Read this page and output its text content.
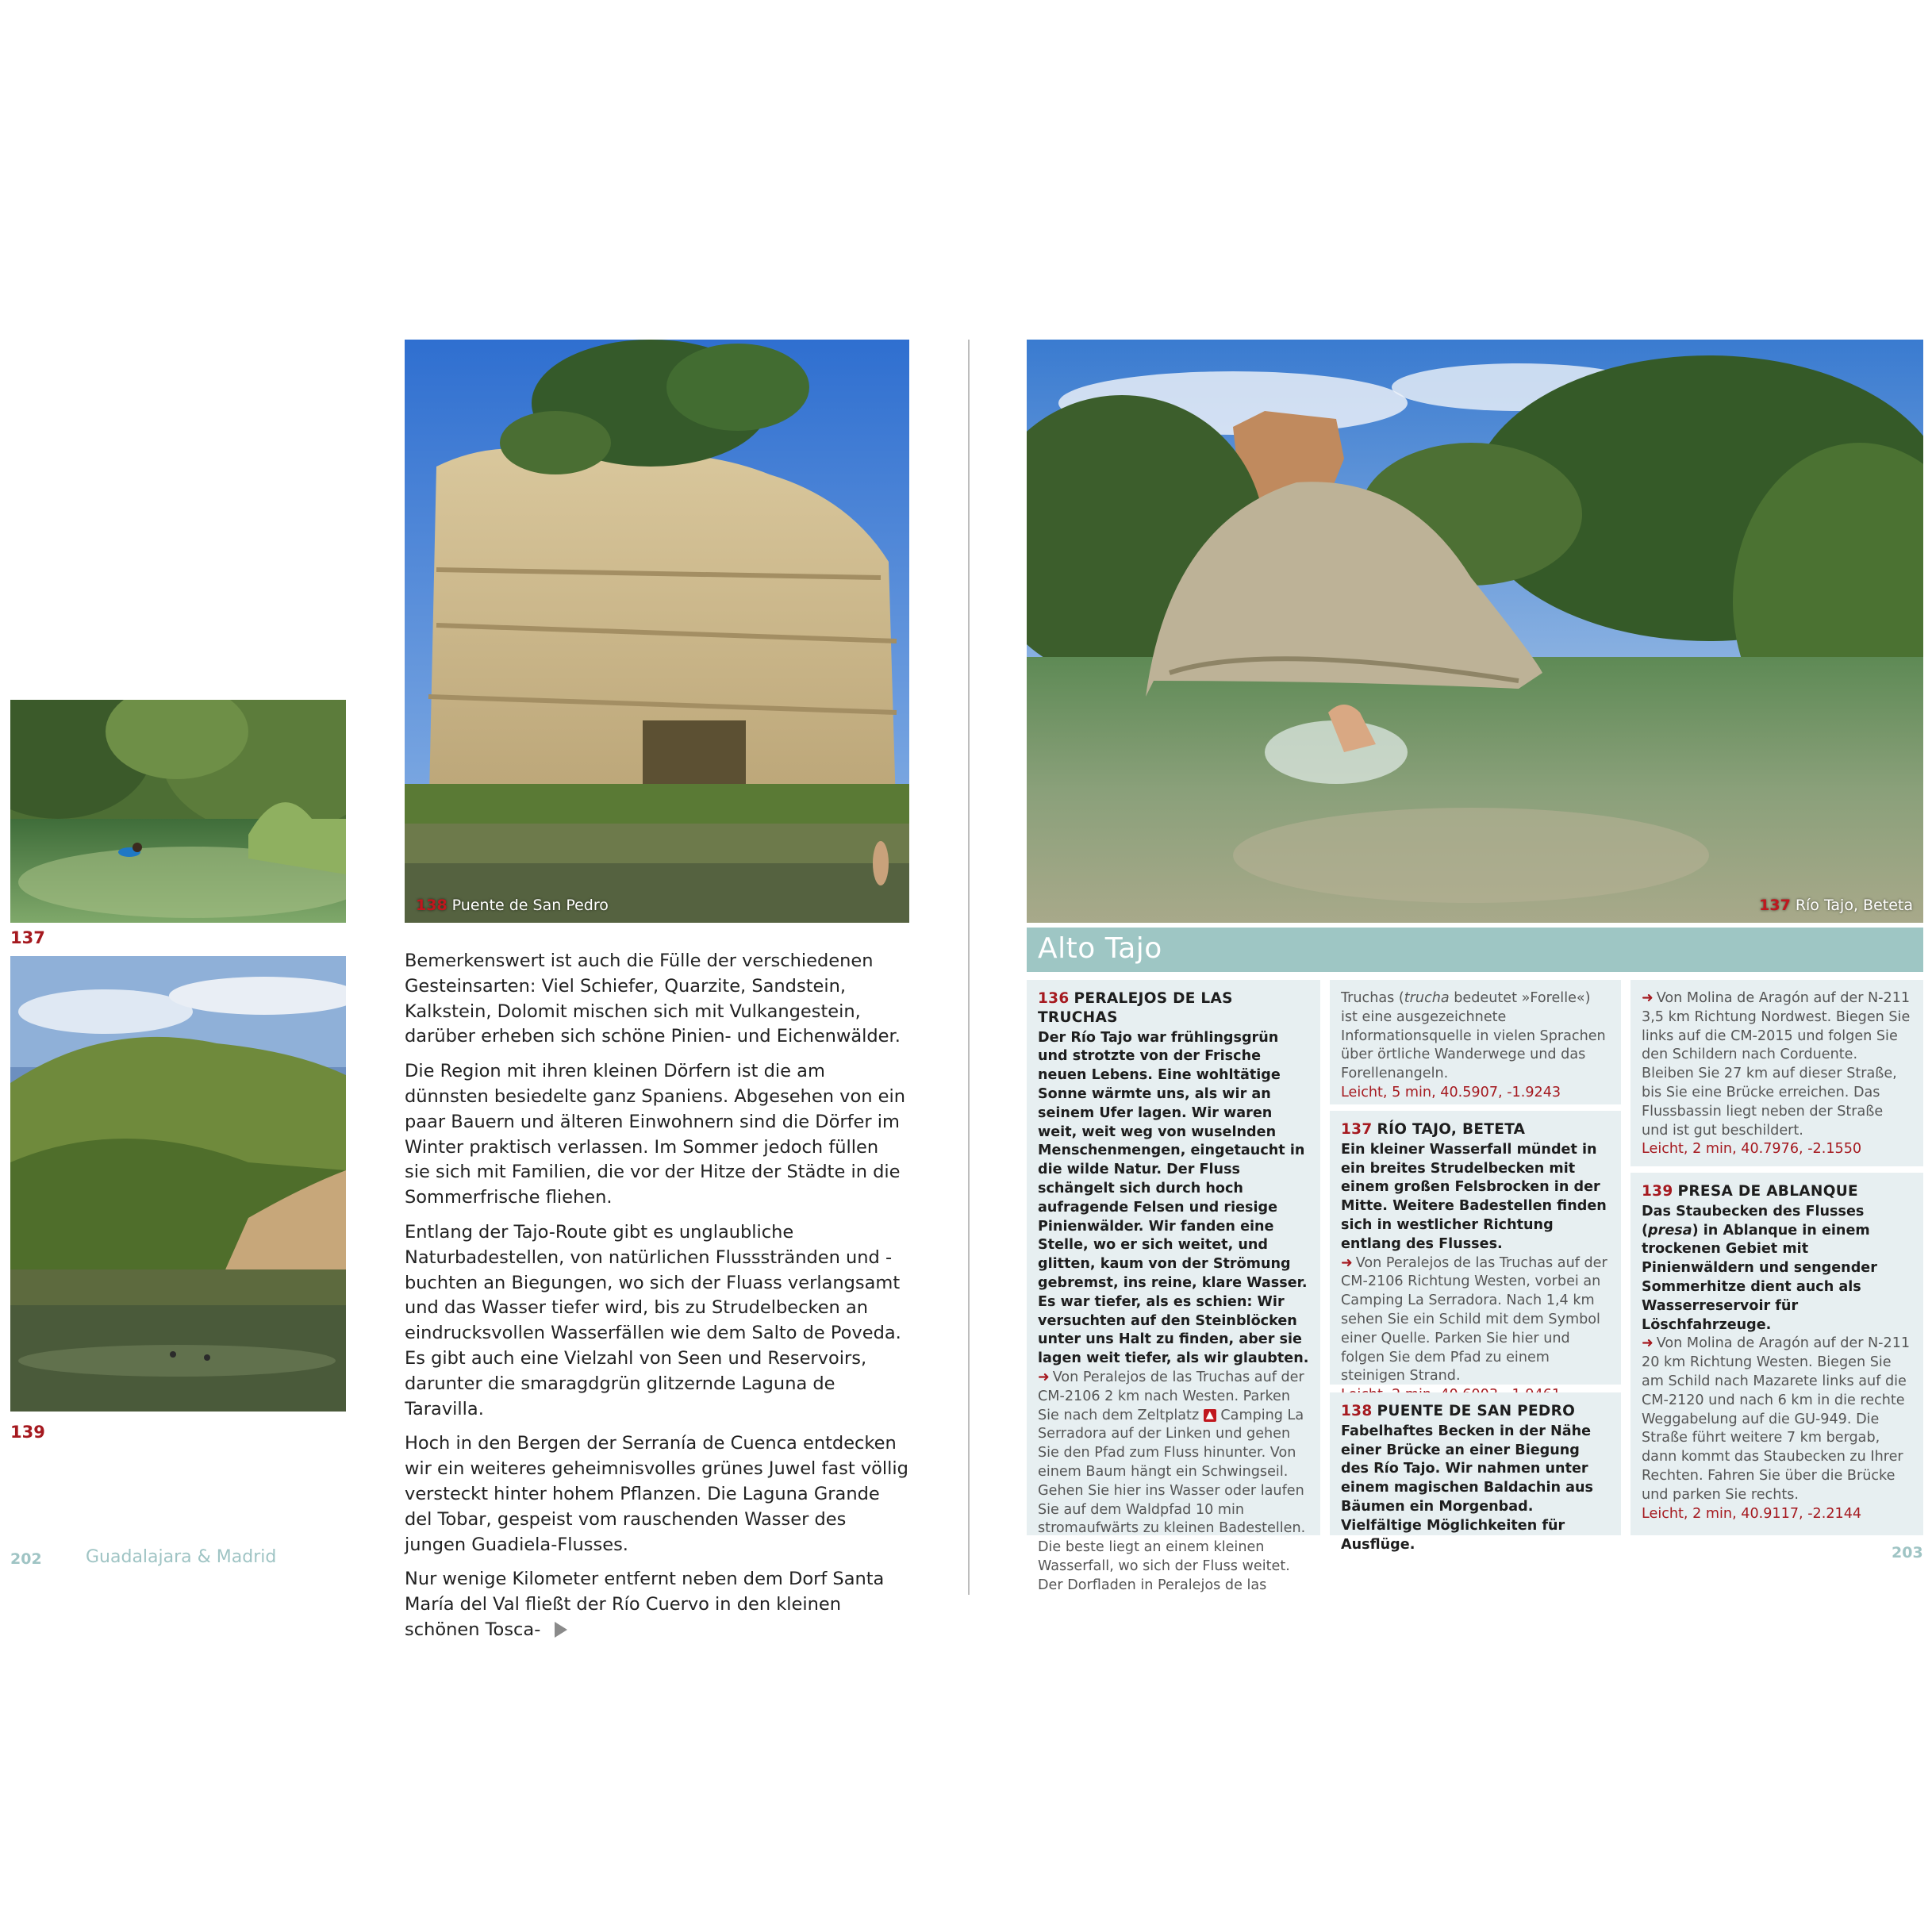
137
139
138 Puente de San Pedro

Bemerkenswert ist auch die Fülle der verschiedenen Gesteinsarten: Viel Schiefer, Quarzite, Sandstein, Kalkstein, Dolomit mischen sich mit Vulkangestein, darüber erheben sich schöne Pinien- und Eichenwälder.

Die Region mit ihren kleinen Dörfern ist die am dünnsten besiedelte ganz Spaniens. Abgesehen von ein paar Bauern und älteren Einwohnern sind die Dörfer im Winter praktisch verlassen. Im Sommer jedoch füllen sie sich mit Familien, die vor der Hitze der Städte in die Sommerfrische fliehen.

Entlang der Tajo-Route gibt es unglaubliche Naturbadestellen, von natürlichen Flussstränden und -buchten an Biegungen, wo sich der Fluass verlangsamt und das Wasser tiefer wird, bis zu Strudelbecken an eindrucksvollen Wasserfällen wie dem Salto de Poveda. Es gibt auch eine Vielzahl von Seen und Reservoirs, darunter die smaragdgrün glitzernde Laguna de Taravilla.

Hoch in den Bergen der Serranía de Cuenca entdecken wir ein weiteres geheimnisvolles grünes Juwel fast völlig versteckt hinter hohem Pflanzen. Die Laguna Grande del Tobar, gespeist vom rauschenden Wasser des jungen Guadiela-Flusses.

Nur wenige Kilometer entfernt neben dem Dorf Santa María del Val fließt der Río Cuervo in den kleinen schönen Tosca-

202	Guadalajara & Madrid
137 Río Tajo, Beteta
Alto Tajo
136 PERALEJOS DE LAS TRUCHAS

Der Río Tajo war frühlingsgrün und strotzte von der Frische neuen Lebens. Eine wohltätige Sonne wärmte uns, als wir an seinem Ufer lagen. Wir waren weit, weit weg von wuselnden Menschenmengen, eingetaucht in die wilde Natur. Der Fluss schängelt sich durch hoch aufragende Felsen und riesige Pinienwälder. Wir fanden eine Stelle, wo er sich weitet, und glitten, kaum von der Strömung gebremst, ins reine, klare Wasser. Es war tiefer, als es schien: Wir versuchten auf den Steinblöcken unter uns Halt zu finden, aber sie lagen weit tiefer, als wir glaubten.

➜ Von Peralejos de las Truchas auf der CM-2106 2 km nach Westen. Parken Sie nach dem Zeltplatz ▲ Camping La Serradora auf der Linken und gehen Sie den Pfad zum Fluss hinunter. Von einem Baum hängt ein Schwingseil. Gehen Sie hier ins Wasser oder laufen Sie auf dem Waldpfad 10 min stromaufwärts zu kleinen Badestellen. Die beste liegt an einem kleinen Wasserfall, wo sich der Fluss weitet. Der Dorfladen in Peralejos de las

Truchas (trucha bedeutet »Forelle«) ist eine ausgezeichnete Informationsquelle in vielen Sprachen über örtliche Wanderwege und das Forellenangeln.

Leicht, 5 min, 40.5907, -1.9243

137 RÍO TAJO, BETETA

Ein kleiner Wasserfall mündet in ein breites Strudelbecken mit einem großen Felsbrocken in der Mitte. Weitere Badestellen finden sich in westlicher Richtung entlang des Flusses.

➜ Von Peralejos de las Truchas auf der CM-2106 Richtung Westen, vorbei an Camping La Serradora. Nach 1,4 km sehen Sie ein Schild mit dem Symbol einer Quelle. Parken Sie hier und folgen Sie dem Pfad zu einem steinigen Strand.

138 PUENTE DE SAN PEDRO

Fabelhaftes Becken in der Nähe einer Brücke an einer Biegung des Río Tajo. Wir nahmen unter einem magischen Baldachin aus Bäumen ein Morgenbad. Vielfältige Möglichkeiten für Ausflüge.

➜ Von Molina de Aragón auf der N-211 3,5 km Richtung Nordwest. Biegen Sie links auf die CM-2015 und folgen Sie den Schildern nach Corduente. Bleiben Sie 27 km auf dieser Straße, bis Sie eine Brücke erreichen. Das Flussbassin liegt neben der Straße und ist gut beschildert.

Leicht, 2 min, 40.7976, -2.1550

139 PRESA DE ABLANQUE

Das Staubecken des Flusses (presa) in Ablanque in einem trockenen Gebiet mit Pinienwäldern und sengender Sommerhitze dient auch als Wasserreservoir für Löschfahrzeuge.

➜ Von Molina de Aragón auf der N-211 20 km Richtung Westen. Biegen Sie am Schild nach Mazarete links auf die CM-2120 und nach 6 km in die rechte Weggabelung auf die GU-949. Die Straße führt weitere 7 km bergab, dann kommt das Staubecken zu Ihrer Rechten. Fahren Sie über die Brücke und parken Sie rechts.

Leicht, 2 min, 40.9117, -2.2144

203
